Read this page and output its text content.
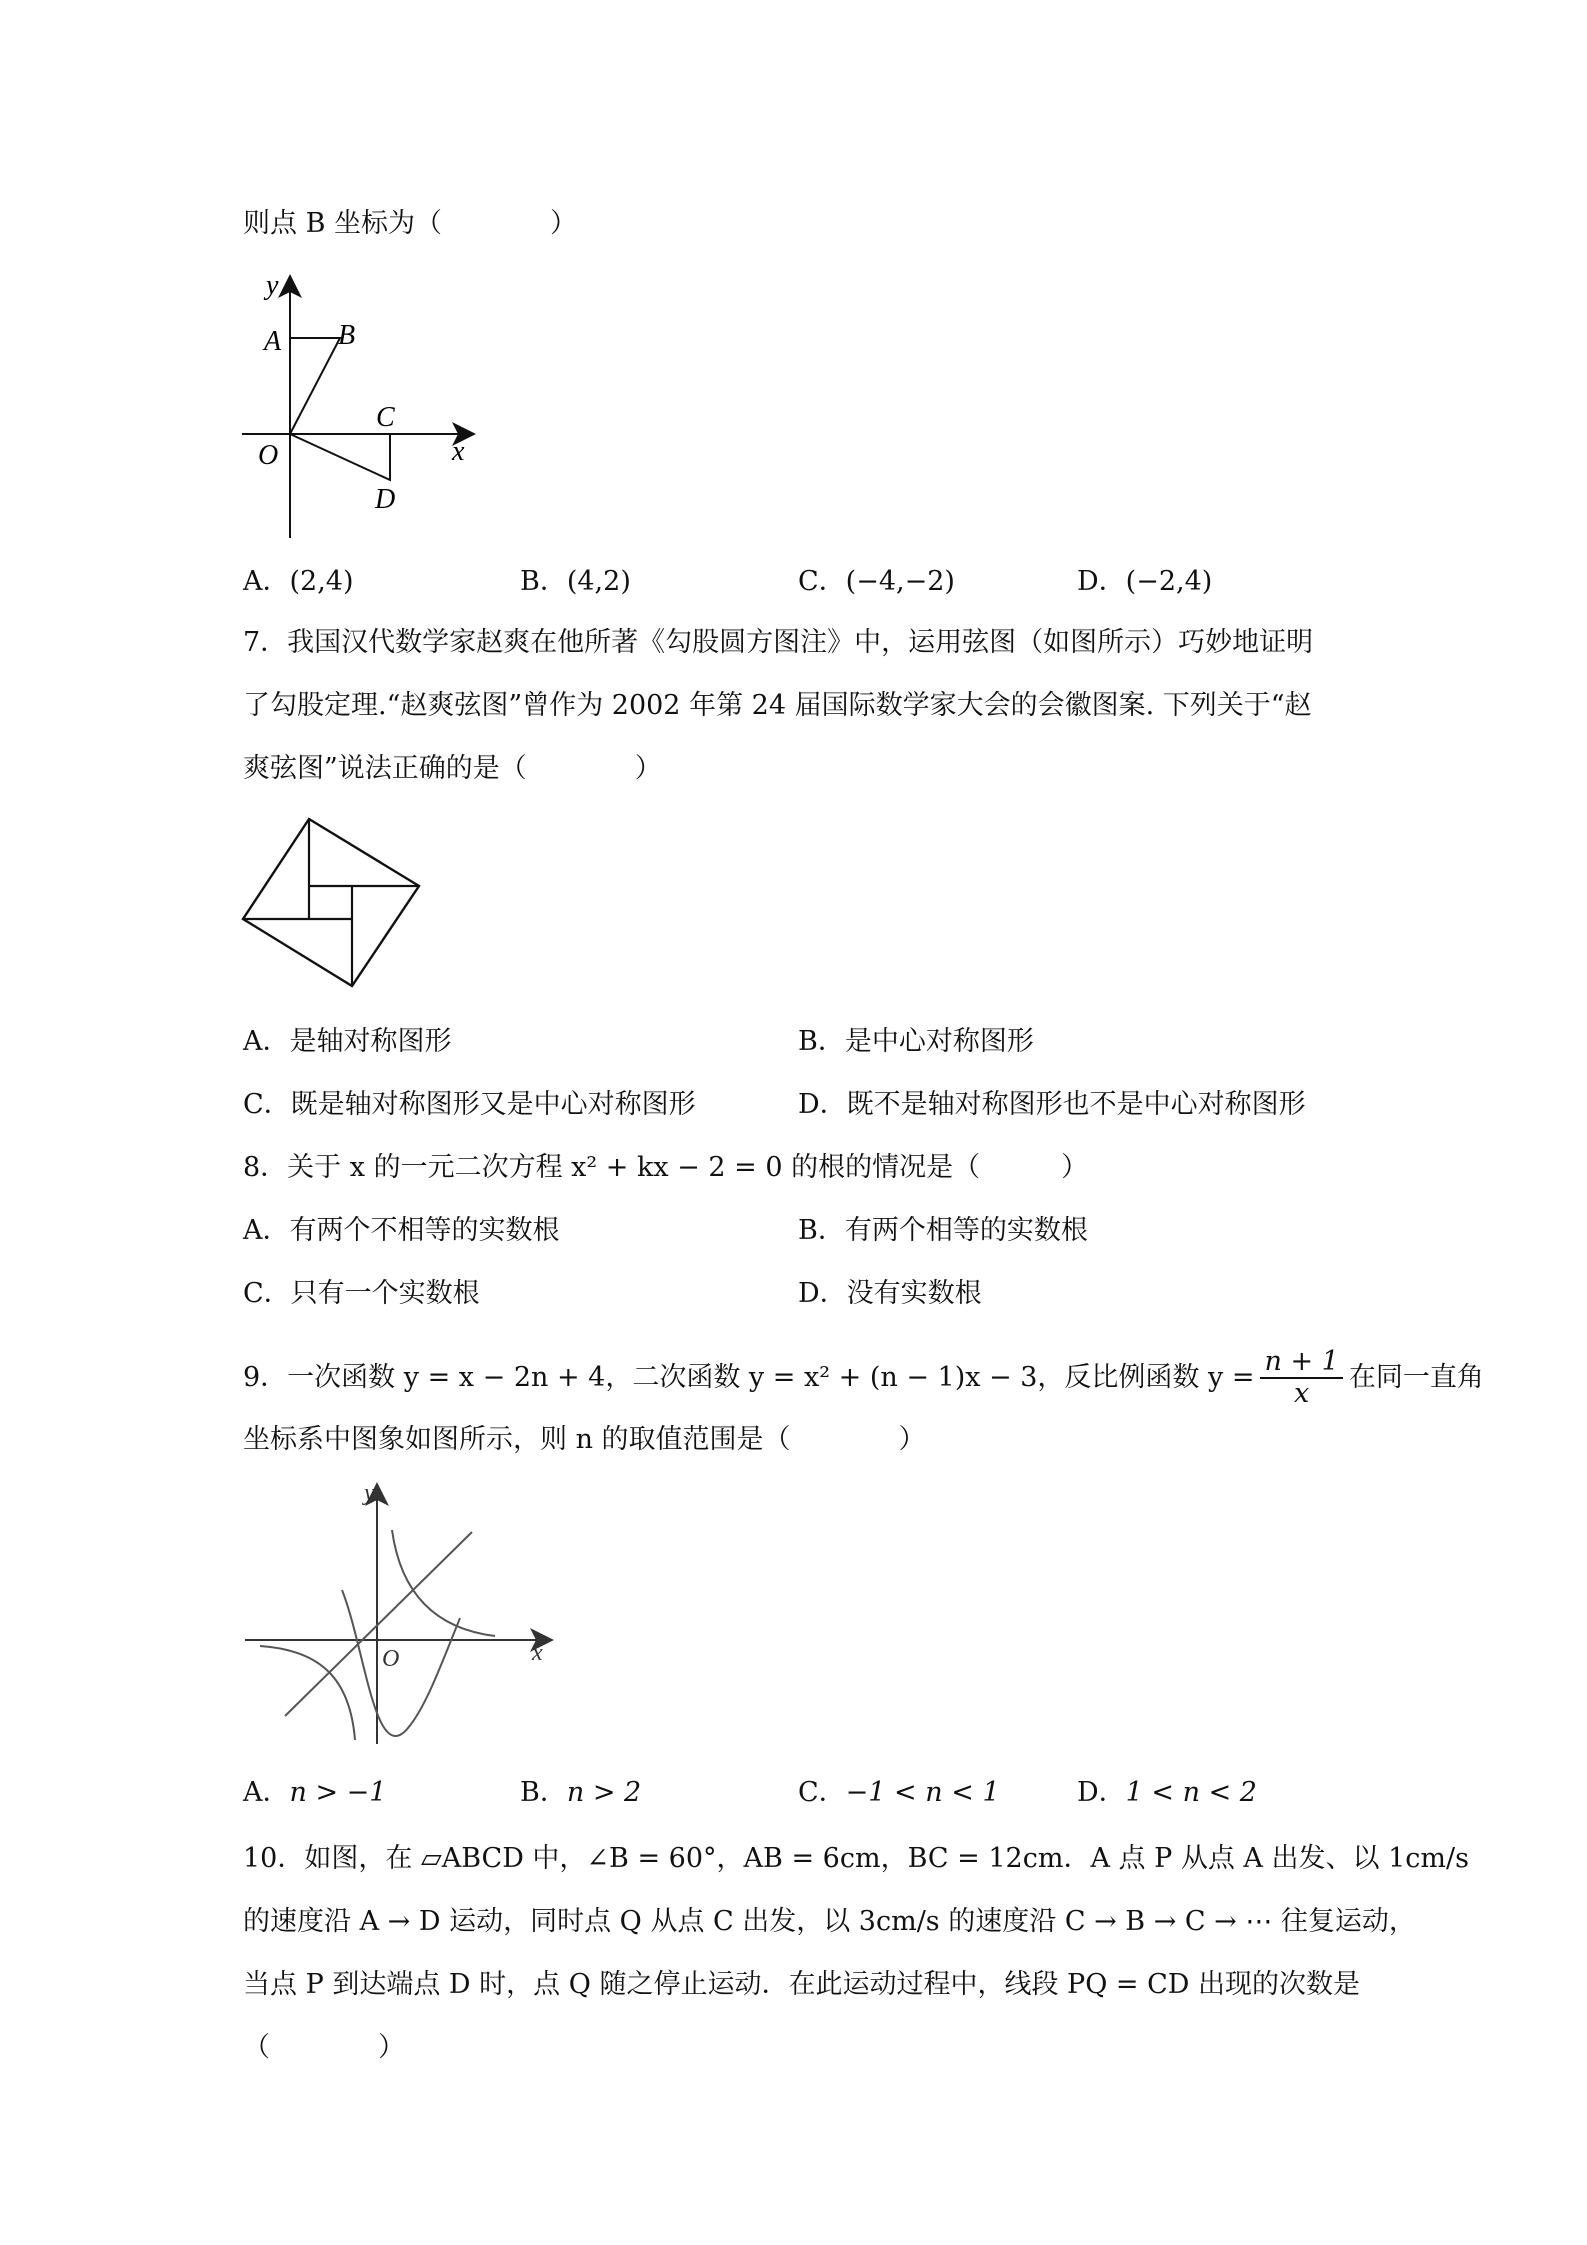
则点 B 坐标为（　　　　）
y
A B
C
O	x
D
A．(2,4)	B．(4,2)	C．(−4,−2)	D．(−2,4)
7．我国汉代数学家赵爽在他所著《勾股圆方图注》中，运用弦图（如图所示）巧妙地证明
了勾股定理.“赵爽弦图”曾作为 2002 年第 24 届国际数学家大会的会徽图案. 下列关于“赵
爽弦图”说法正确的是（　　　　）
A．是轴对称图形	B．是中心对称图形
C．既是轴对称图形又是中心对称图形	D．既不是轴对称图形也不是中心对称图形
8．关于 x 的一元二次方程 x² + kx − 2 = 0 的根的情况是（　　　）
A．有两个不相等的实数根	B．有两个相等的实数根
C．只有一个实数根	D．没有实数根
9．一次函数 y = x − 2n + 4，二次函数 y = x² + (n − 1)x − 3，反比例函数 $y = \frac{n + 1}{x}$ 在同一直角
坐标系中图象如图所示，则 n 的取值范围是（　　　　）
y
O	x
A．n > −1	B．n > 2	C．−1 < n < 1	D．1 < n < 2
10．如图，在 ▱ABCD 中，∠B = 60°，AB = 6cm，BC = 12cm．A 点 P 从点 A 出发、以 1cm/s
的速度沿 A → D 运动，同时点 Q 从点 C 出发，以 3cm/s 的速度沿 C → B → C → ⋯ 往复运动，
当点 P 到达端点 D 时，点 Q 随之停止运动．在此运动过程中，线段 PQ = CD 出现的次数是
（　　　　）
